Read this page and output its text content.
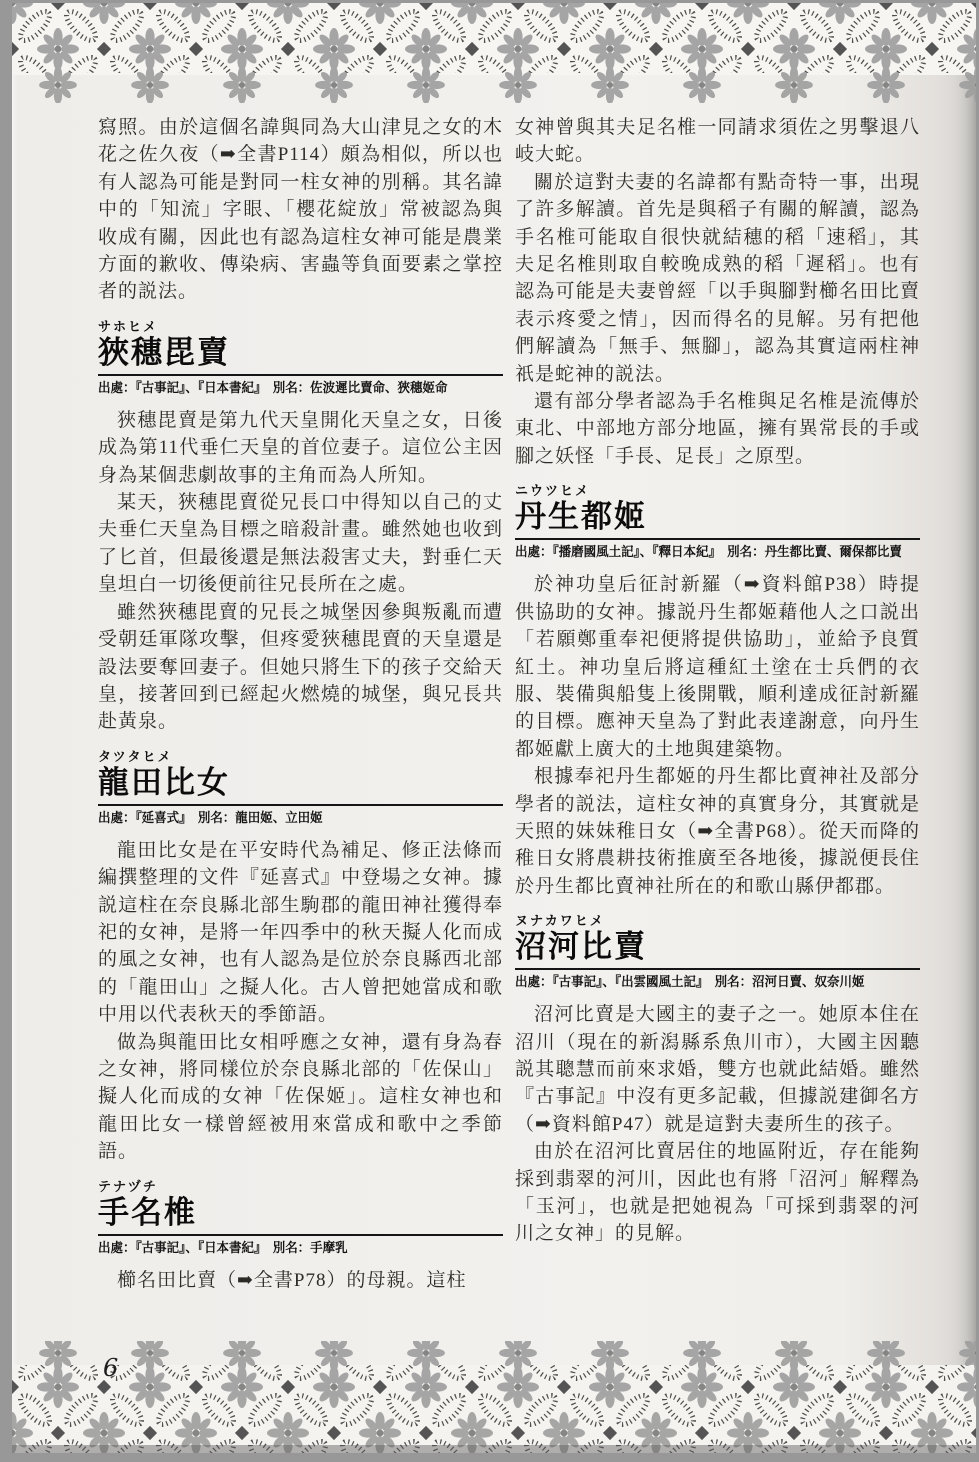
寫照。由於這個名諱與同為大山津見之女的木花之佐久夜（➡全書P114）頗為相似，所以也有人認為可能是對同一柱女神的別稱。其名諱中的「知流」字眼、「櫻花綻放」常被認為與收成有關，因此也有認為這柱女神可能是農業方面的歉收、傳染病、害蟲等負面要素之掌控者的説法。

サホヒメ
狹穗毘賣
出處：『古事記』、『日本書紀』　別名：佐波遲比賣命、狹穗姬命

狹穗毘賣是第九代天皇開化天皇之女，日後成為第11代垂仁天皇的首位妻子。這位公主因身為某個悲劇故事的主角而為人所知。

某天，狹穗毘賣從兄長口中得知以自己的丈夫垂仁天皇為目標之暗殺計畫。雖然她也收到了匕首，但最後還是無法殺害丈夫，對垂仁天皇坦白一切後便前往兄長所在之處。

雖然狹穗毘賣的兄長之城堡因參與叛亂而遭受朝廷軍隊攻擊，但疼愛狹穗毘賣的天皇還是設法要奪回妻子。但她只將生下的孩子交給天皇，接著回到已經起火燃燒的城堡，與兄長共赴黃泉。

タツタヒメ
龍田比女
出處：『延喜式』　別名：龍田姬、立田姬

龍田比女是在平安時代為補足、修正法條而編撰整理的文件『延喜式』中登場之女神。據説這柱在奈良縣北部生駒郡的龍田神社獲得奉祀的女神，是將一年四季中的秋天擬人化而成的風之女神，也有人認為是位於奈良縣西北部的「龍田山」之擬人化。古人曾把她當成和歌中用以代表秋天的季節語。

做為與龍田比女相呼應之女神，還有身為春之女神，將同樣位於奈良縣北部的「佐保山」擬人化而成的女神「佐保姬」。這柱女神也和龍田比女一樣曾經被用來當成和歌中之季節語。

テナヅチ
手名椎
出處：『古事記』、『日本書紀』　別名：手摩乳

櫛名田比賣（➡全書P78）的母親。這柱

女神曾與其夫足名椎一同請求須佐之男擊退八岐大蛇。

關於這對夫妻的名諱都有點奇特一事，出現了許多解讀。首先是與稻子有關的解讀，認為手名椎可能取自很快就結穗的稻「速稻」，其夫足名椎則取自較晚成熟的稻「遲稻」。也有認為可能是夫妻曾經「以手與腳對櫛名田比賣表示疼愛之情」，因而得名的見解。另有把他們解讀為「無手、無腳」，認為其實這兩柱神祇是蛇神的説法。

還有部分學者認為手名椎與足名椎是流傳於東北、中部地方部分地區，擁有異常長的手或腳之妖怪「手長、足長」之原型。

ニウツヒメ
丹生都姬
出處：『播磨國風土記』、『釋日本紀』　別名：丹生都比賣、爾保都比賣

於神功皇后征討新羅（➡資料館P38）時提供協助的女神。據説丹生都姬藉他人之口説出「若願鄭重奉祀便將提供協助」，並給予良質紅土。神功皇后將這種紅土塗在士兵們的衣服、裝備與船隻上後開戰，順利達成征討新羅的目標。應神天皇為了對此表達謝意，向丹生都姬獻上廣大的土地與建築物。

根據奉祀丹生都姬的丹生都比賣神社及部分學者的説法，這柱女神的真實身分，其實就是天照的妹妹稚日女（➡全書P68）。從天而降的稚日女將農耕技術推廣至各地後，據説便長住於丹生都比賣神社所在的和歌山縣伊都郡。

ヌナカワヒメ
沼河比賣
出處：『古事記』、『出雲國風土記』　別名：沼河日賣、奴奈川姬

沼河比賣是大國主的妻子之一。她原本住在沼川（現在的新潟縣系魚川市），大國主因聽説其聰慧而前來求婚，雙方也就此結婚。雖然『古事記』中沒有更多記載，但據説建御名方（➡資料館P47）就是這對夫妻所生的孩子。

由於在沼河比賣居住的地區附近，存在能夠採到翡翠的河川，因此也有將「沼河」解釋為「玉河」，也就是把她視為「可採到翡翠的河川之女神」的見解。

6
